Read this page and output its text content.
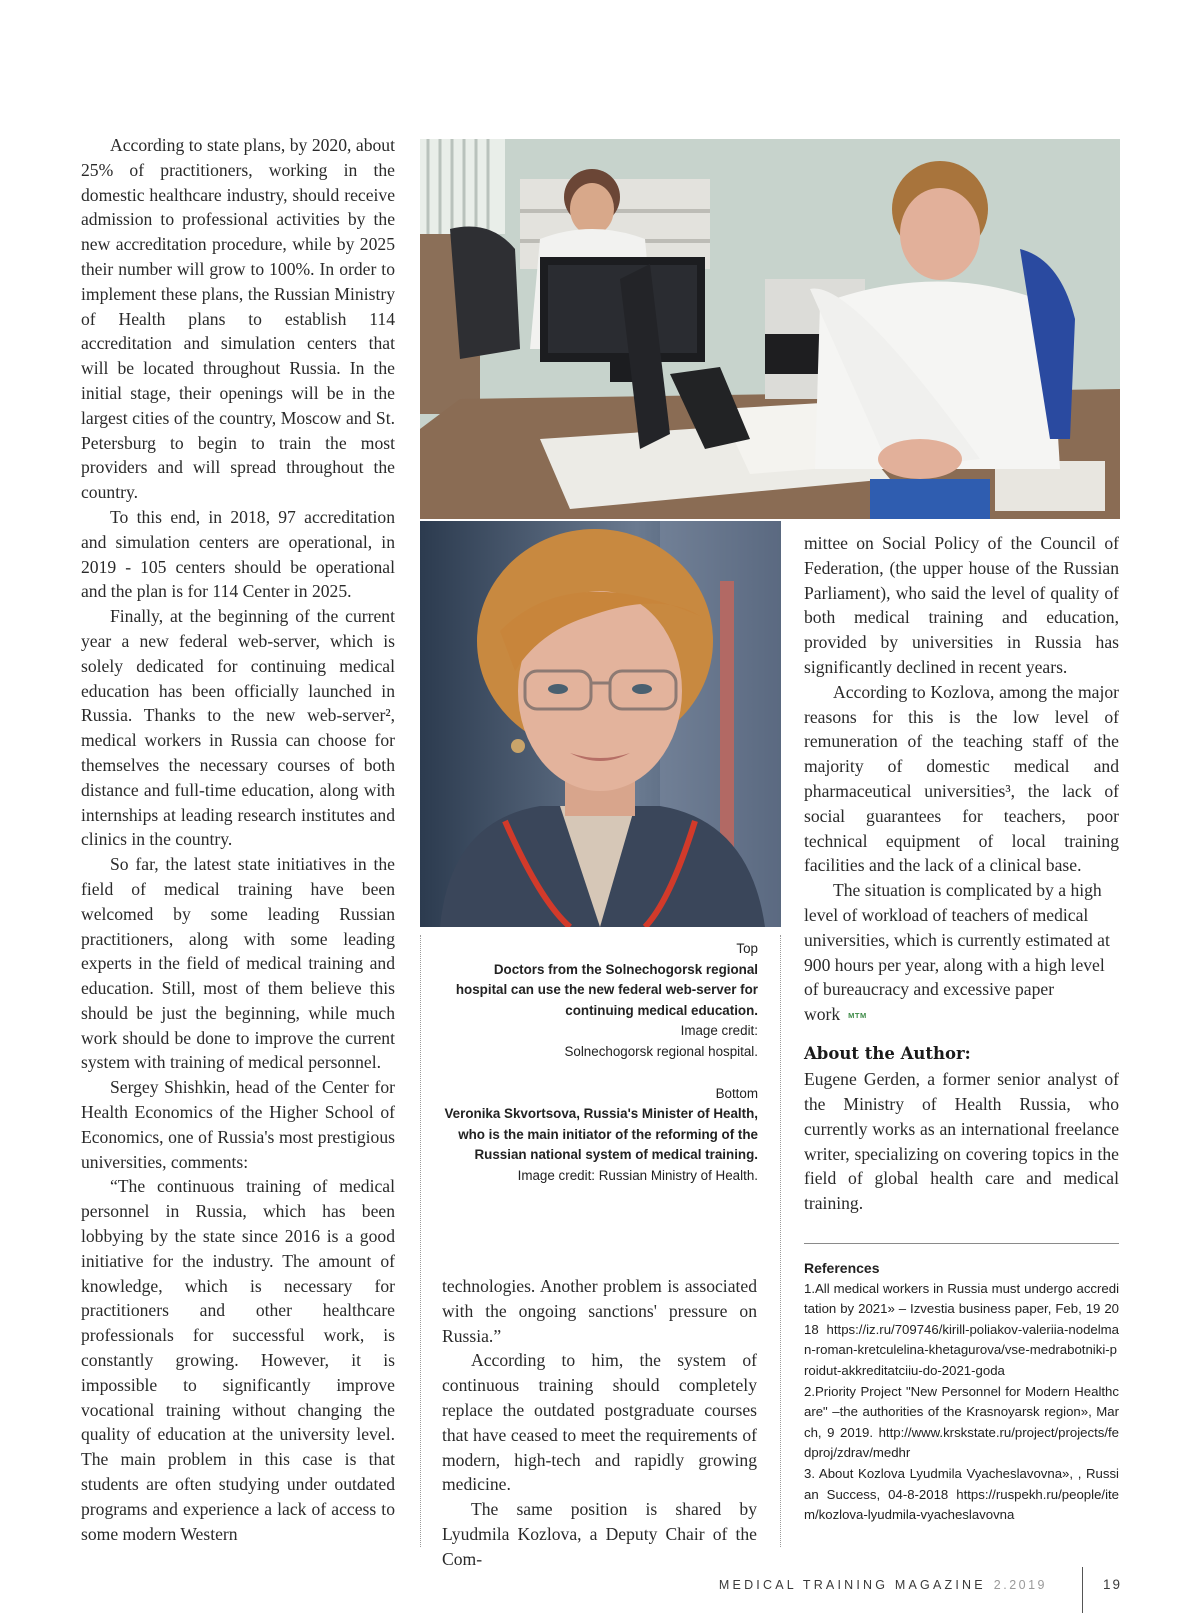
According to state plans, by 2020, about 25% of practitioners, working in the domestic healthcare industry, should receive admission to professional activities by the new accreditation procedure, while by 2025 their number will grow to 100%. In order to implement these plans, the Russian Ministry of Health plans to establish 114 accreditation and simulation centers that will be located throughout Russia. In the initial stage, their openings will be in the largest cities of the country, Moscow and St. Petersburg to begin to train the most providers and will spread throughout the country.

To this end, in 2018, 97 accreditation and simulation centers are operational, in 2019 - 105 centers should be operational and the plan is for 114 Center in 2025.

Finally, at the beginning of the current year a new federal web-server, which is solely dedicated for continuing medical education has been officially launched in Russia. Thanks to the new web-server², medical workers in Russia can choose for themselves the necessary courses of both distance and full-time education, along with internships at leading research institutes and clinics in the country.

So far, the latest state initiatives in the field of medical training have been welcomed by some leading Russian practitioners, along with some leading experts in the field of medical training and education. Still, most of them believe this should be just the beginning, while much work should be done to improve the current system with training of medical personnel.

Sergey Shishkin, head of the Center for Health Economics of the Higher School of Economics, one of Russia's most prestigious universities, comments:

“The continuous training of medical personnel in Russia, which has been lobbying by the state since 2016 is a good initiative for the industry. The amount of knowledge, which is necessary for practitioners and other healthcare professionals for successful work, is constantly growing. However, it is impossible to significantly improve vocational training without changing the quality of education at the university level. The main problem in this case is that students are often studying under outdated programs and experience a lack of access to some modern Western

Top
Doctors from the Solnechogorsk regional hospital can use the new federal web-server for continuing medical education.
Image credit:
Solnechogorsk regional hospital.
Bottom
Veronika Skvortsova, Russia's Minister of Health, who is the main initiator of the reforming of the Russian national system of medical training.
Image credit: Russian Ministry of Health.

technologies. Another problem is associated with the ongoing sanctions' pressure on Russia.”

According to him, the system of continuous training should completely replace the outdated postgraduate courses that have ceased to meet the requirements of modern, high-tech and rapidly growing medicine.

The same position is shared by Lyudmila Kozlova, a Deputy Chair of the Com-

mittee on Social Policy of the Council of Federation, (the upper house of the Russian Parliament), who said the level of quality of both medical training and education, provided by universities in Russia has significantly declined in recent years.

According to Kozlova, among the major reasons for this is the low level of remuneration of the teaching staff of the majority of domestic medical and pharmaceutical universities³, the lack of social guarantees for teachers, poor technical equipment of local training facilities and the lack of a clinical base.

The situation is complicated by a high level of workload of teachers of medical universities, which is currently estimated at 900 hours per year, along with a high level of bureaucracy and excessive paper work MTM

About the Author:

Eugene Gerden, a former senior analyst of the Ministry of Health Russia, who currently works as an international freelance writer, specializing on covering topics in the field of global health care and medical training.

References

1.All medical workers in Russia must undergo accreditation by 2021» – Izvestia business paper, Feb, 19 2018 https://iz.ru/709746/kirill-poliakov-valeriia-nodelman-roman-kretculelina-khetagurova/vse-medrabotniki-proidut-akkreditatciiu-do-2021-goda

2.Priority Project "New Personnel for Modern Healthcare" –the authorities of the Krasnoyarsk region», March, 9 2019. http://www.krskstate.ru/project/projects/fedproj/zdrav/medhr

3. About Kozlova Lyudmila Vyacheslavovna», , Russian Success, 04-8-2018 https://ruspekh.ru/people/item/kozlova-lyudmila-vyacheslavovna

MEDICAL TRAINING MAGAZINE 2.2019	19
